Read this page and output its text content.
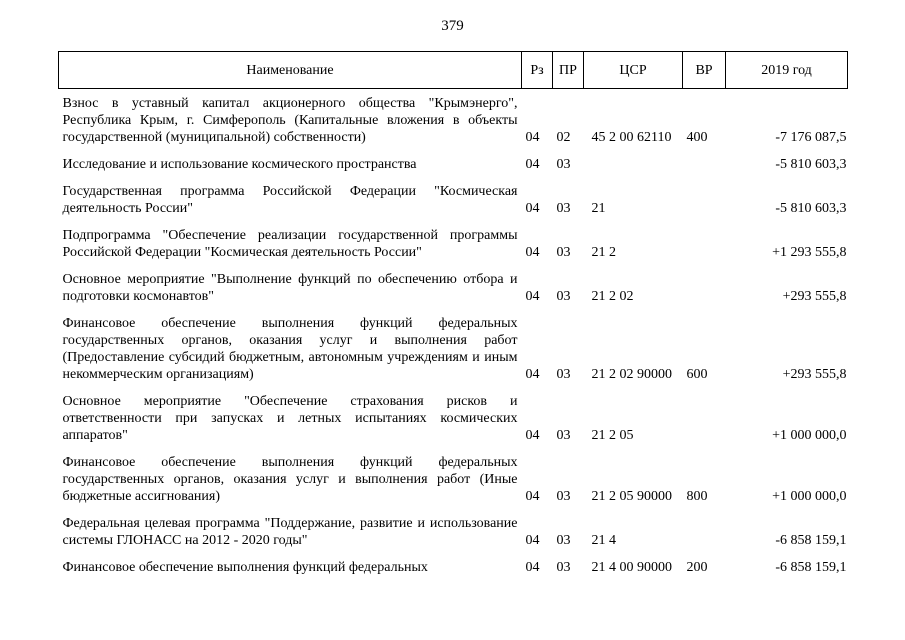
379
Наименование	Рз	ПР	ЦСР	ВР	2019 год

Взнос в уставный капитал акционерного общества "Крымэнерго", Республика Крым, г. Симферополь (Капитальные вложения в объекты государственной (муниципальной) собственности)	04	02	45 2 00 62110	400	-7 176 087,5

Исследование и использование космического пространства	04	03			-5 810 603,3

Государственная программа Российской Федерации "Космическая деятельность России"	04	03	21		-5 810 603,3

Подпрограмма "Обеспечение реализации государственной программы Российской Федерации "Космическая деятельность России"	04	03	21 2		+1 293 555,8

Основное мероприятие "Выполнение функций по обеспечению отбора и подготовки космонавтов"	04	03	21 2 02		+293 555,8

Финансовое обеспечение выполнения функций федеральных государственных органов, оказания услуг и выполнения работ (Предоставление субсидий бюджетным, автономным учреждениям и иным некоммерческим организациям)	04	03	21 2 02 90000	600	+293 555,8

Основное мероприятие "Обеспечение страхования рисков и ответственности при запусках и летных испытаниях космических аппаратов"	04	03	21 2 05		+1 000 000,0

Финансовое обеспечение выполнения функций федеральных государственных органов, оказания услуг и выполнения работ (Иные бюджетные ассигнования)	04	03	21 2 05 90000	800	+1 000 000,0

Федеральная целевая программа "Поддержание, развитие и использование системы ГЛОНАСС на 2012 - 2020 годы"	04	03	21 4		-6 858 159,1

Финансовое обеспечение выполнения функций федеральных	04	03	21 4 00 90000	200	-6 858 159,1
